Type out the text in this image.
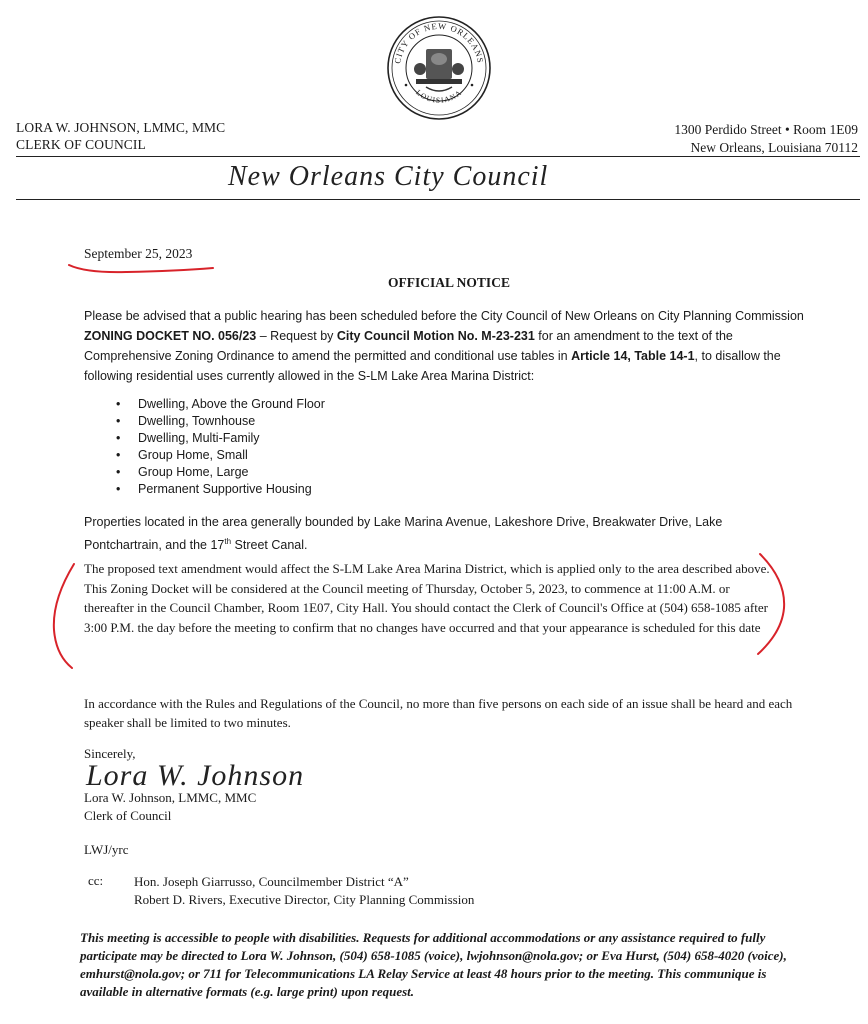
CITY OF NEW ORLEANS
LOUISIANA
LORA W. JOHNSON, LMMC, MMC
CLERK OF COUNCIL
1300 Perdido Street • Room 1E09
New Orleans, Louisiana 70112
New Orleans City Council
September 25, 2023
OFFICIAL NOTICE
Please be advised that a public hearing has been scheduled before the City Council of New Orleans on City Planning Commission ZONING DOCKET NO. 056/23 – Request by City Council Motion No. M-23-231 for an amendment to the text of the Comprehensive Zoning Ordinance to amend the permitted and conditional use tables in Article 14, Table 14-1, to disallow the following residential uses currently allowed in the S-LM Lake Area Marina District:
• Dwelling, Above the Ground Floor
• Dwelling, Townhouse
• Dwelling, Multi-Family
• Group Home, Small
• Group Home, Large
• Permanent Supportive Housing
Properties located in the area generally bounded by Lake Marina Avenue, Lakeshore Drive, Breakwater Drive, Lake Pontchartrain, and the 17th Street Canal.
The proposed text amendment would affect the S-LM Lake Area Marina District, which is applied only to the area described above. This Zoning Docket will be considered at the Council meeting of Thursday, October 5, 2023, to commence at 11:00 A.M. or thereafter in the Council Chamber, Room 1E07, City Hall. You should contact the Clerk of Council's Office at (504) 658-1085 after 3:00 P.M. the day before the meeting to confirm that no changes have occurred and that your appearance is scheduled for this date
In accordance with the Rules and Regulations of the Council, no more than five persons on each side of an issue shall be heard and each speaker shall be limited to two minutes.
Sincerely,
Lora W. Johnson
Lora W. Johnson, LMMC, MMC
Clerk of Council
LWJ/yrc
cc: Hon. Joseph Giarrusso, Councilmember District “A”
Robert D. Rivers, Executive Director, City Planning Commission
This meeting is accessible to people with disabilities. Requests for additional accommodations or any assistance required to fully participate may be directed to Lora W. Johnson, (504) 658-1085 (voice), lwjohnson@nola.gov; or Eva Hurst, (504) 658-4020 (voice), emhurst@nola.gov; or 711 for Telecommunications LA Relay Service at least 48 hours prior to the meeting. This communique is available in alternative formats (e.g. large print) upon request.
